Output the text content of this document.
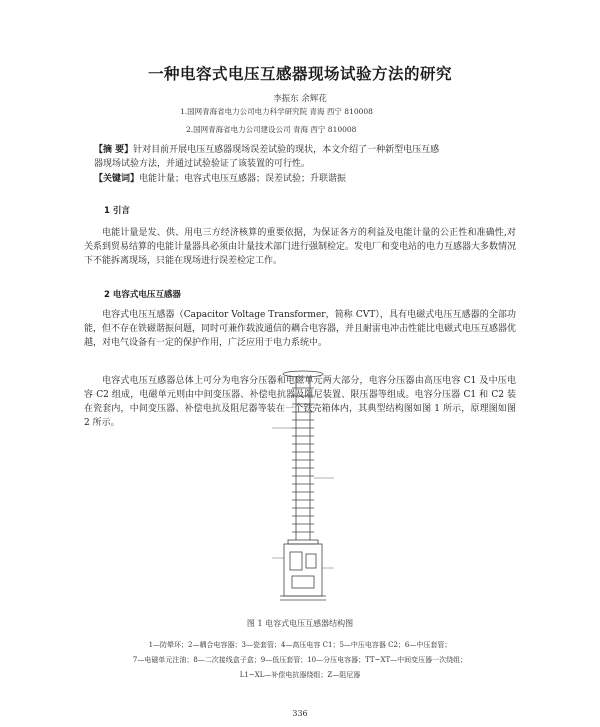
一种电容式电压互感器现场试验方法的研究
李振东 余辉花
1.国网青海省电力公司电力科学研究院 青海 西宁 810008
2.国网青海省电力公司建设公司 青海 西宁 810008
【摘 要】针对目前开展电压互感器现场误差试验的现状，本文介绍了一种新型电压互感
器现场试验方法，并通过试验验证了该装置的可行性。
【关键词】电能计量；电容式电压互感器；误差试验；升联谐振
1 引言
电能计量是发、供、用电三方经济核算的重要依据，为保证各方的利益及电能计量的公正性和准确性,对关系到贸易结算的电能计量器具必须由计量技术部门进行强制检定。发电厂和变电站的电力互感器大多数情况下不能拆离现场，只能在现场进行误差检定工作。
2 电容式电压互感器
电容式电压互感器（Capacitor Voltage Transformer，简称 CVT），具有电磁式电压互感器的全部功能，但不存在铁磁谐振问题，同时可兼作载波通信的耦合电容器，并且耐雷电冲击性能比电磁式电压互感器优越，对电气设备有一定的保护作用，广泛应用于电力系统中。
电容式电压互感器总体上可分为电容分压器和电磁单元两大部分，电容分压器由高压电容 C1 及中压电容 C2 组成，电磁单元则由中间变压器、补偿电抗器及阻尼装置、限压器等组成。电容分压器 C1 和 C2 装在瓷套内，中间变压器、补偿电抗及阻尼器等装在一个铁壳箱体内，其典型结构图如图 1 所示，原理图如图 2 所示。
图 1 电容式电压互感器结构图
1—防晕环；2—耦合电容器；3—瓷套管；4—高压电容 C1；5—中压电容器 C2；6—中压套管；
7—电磁单元注油；8—二次接线盒子盒；9—低压套管；10—分压电容器；TT~XT—中间变压器一次绕组；
L1~XL—补偿电抗器绕组；Z—阻尼器
336
